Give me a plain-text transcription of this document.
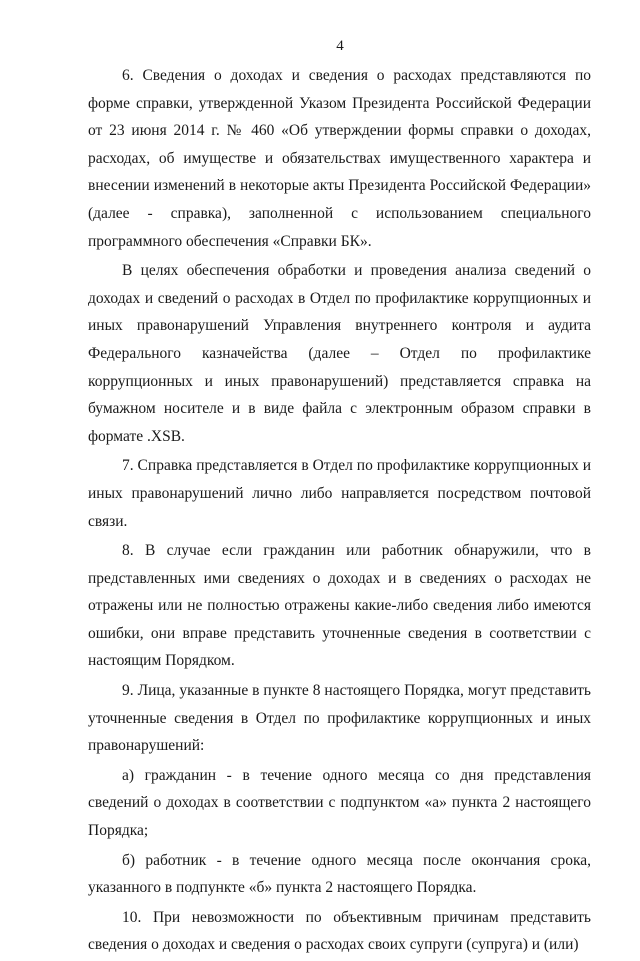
4

6. Сведения о доходах и сведения о расходах представляются по форме справки, утвержденной Указом Президента Российской Федерации от 23 июня 2014 г. № 460 «Об утверждении формы справки о доходах, расходах, об имуществе и обязательствах имущественного характера и внесении изменений в некоторые акты Президента Российской Федерации» (далее - справка), заполненной с использованием специального программного обеспечения «Справки БК».

В целях обеспечения обработки и проведения анализа сведений о доходах и сведений о расходах в Отдел по профилактике коррупционных и иных правонарушений Управления внутреннего контроля и аудита Федерального казначейства (далее – Отдел по профилактике коррупционных и иных правонарушений) представляется справка на бумажном носителе и в виде файла с электронным образом справки в формате .XSB.

7. Справка представляется в Отдел по профилактике коррупционных и иных правонарушений лично либо направляется посредством почтовой связи.

8. В случае если гражданин или работник обнаружили, что в представленных ими сведениях о доходах и в сведениях о расходах не отражены или не полностью отражены какие-либо сведения либо имеются ошибки, они вправе представить уточненные сведения в соответствии с настоящим Порядком.

9. Лица, указанные в пункте 8 настоящего Порядка, могут представить уточненные сведения в Отдел по профилактике коррупционных и иных правонарушений:

а) гражданин - в течение одного месяца со дня представления сведений о доходах в соответствии с подпунктом «а» пункта 2 настоящего Порядка;

б) работник - в течение одного месяца после окончания срока, указанного в подпункте «б» пункта 2 настоящего Порядка.

10. При невозможности по объективным причинам представить сведения о доходах и сведения о расходах своих супруги (супруга) и (или)
